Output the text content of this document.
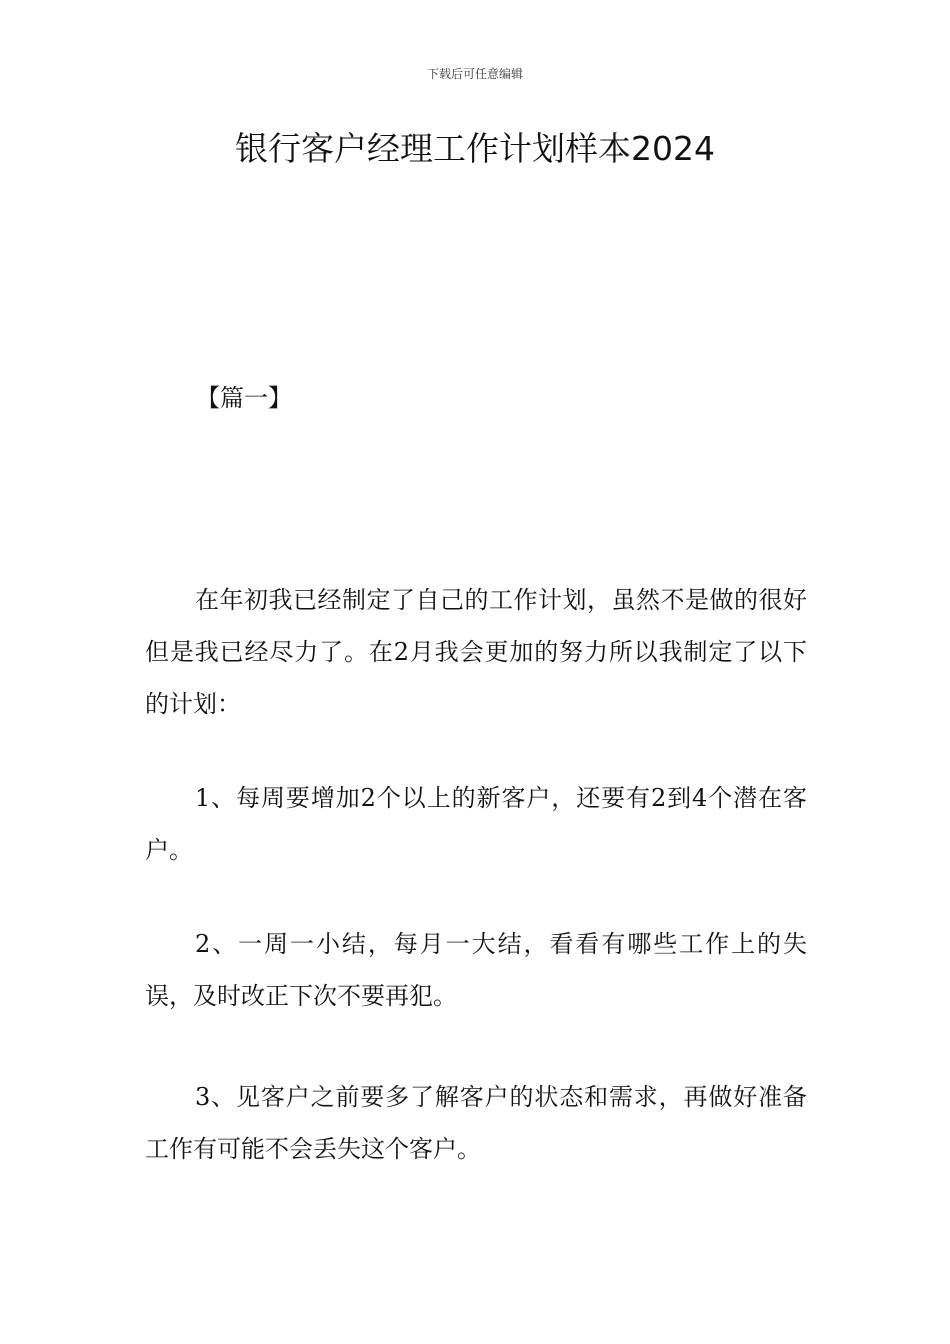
下载后可任意编辑
银行客户经理工作计划样本2024
【篇一】

在年初我已经制定了自己的工作计划，虽然不是做的很好但是我已经尽力了。在2月我会更加的努力所以我制定了以下的计划：

1、每周要增加2个以上的新客户，还要有2到4个潜在客户。

2、一周一小结，每月一大结，看看有哪些工作上的失误，及时改正下次不要再犯。

3、见客户之前要多了解客户的状态和需求，再做好准备工作有可能不会丢失这个客户。
